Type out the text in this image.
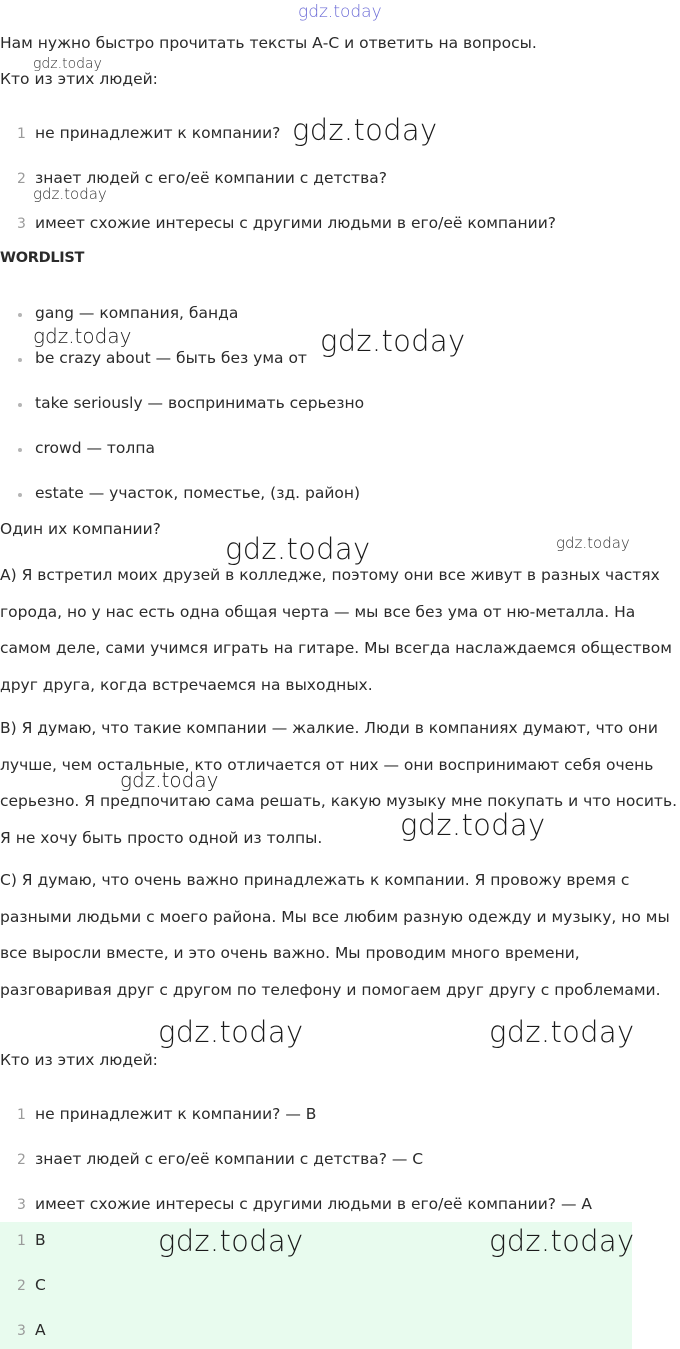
gdz.today
Нам нужно быстро прочитать тексты А-С и ответить на вопросы.
gdz.today
Кто из этих людей:
1 не принадлежит к компании?
2 знает людей с его/её компании с детства?
3 имеет схожие интересы с другими людьми в его/её компании?
gdz.today
gdz.today
WORDLIST
gang — компания, банда
be crazy about — быть без ума от
take seriously — воспринимать серьезно
crowd — толпа
estate — участок, поместье, (зд. район)
gdz.today	gdz.today
Один их компании?
gdz.today	gdz.today
А) Я встретил моих друзей в колледже, поэтому они все живут в разных частях города, но у нас есть одна общая черта — мы все без ума от ню-металла. На самом деле, сами учимся играть на гитаре. Мы всегда наслаждаемся обществом друг друга, когда встречаемся на выходных.
B) Я думаю, что такие компании — жалкие. Люди в компаниях думают, что они лучше, чем остальные, кто отличается от них — они воспринимают себя очень серьезно. Я предпочитаю сама решать, какую музыку мне покупать и что носить. Я не хочу быть просто одной из толпы.
gdz.today
gdz.today
С) Я думаю, что очень важно принадлежать к компании. Я провожу время с разными людьми с моего района. Мы все любим разную одежду и музыку, но мы все выросли вместе, и это очень важно. Мы проводим много времени, разговаривая друг с другом по телефону и помогаем друг другу с проблемами.
gdz.today	gdz.today
Кто из этих людей:
1 не принадлежит к компании? — B
2 знает людей с его/её компании с детства? — С
3 имеет схожие интересы с другими людьми в его/её компании? — А
1 B
2 С
3 А
gdz.today	gdz.today
